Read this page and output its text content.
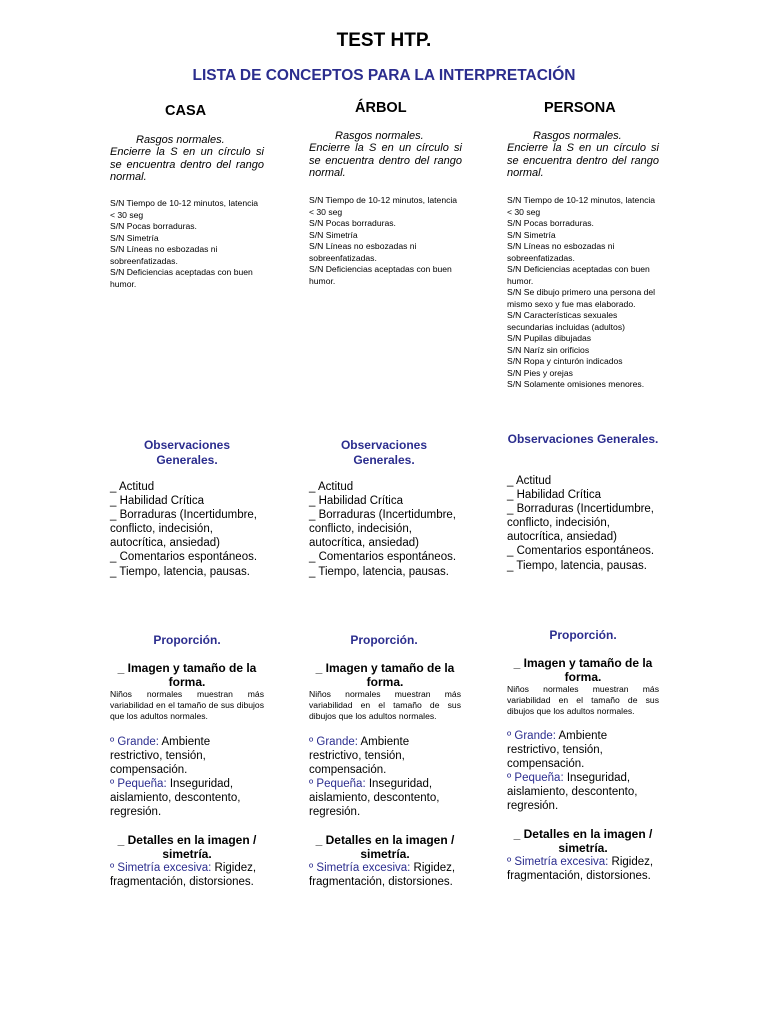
TEST HTP.
LISTA DE CONCEPTOS PARA LA INTERPRETACIÓN
CASA
Rasgos normales.
Encierre la S en un círculo si se encuentra dentro del rango normal.
S/N Tiempo de 10-12 minutos, latencia < 30 seg
S/N Pocas borraduras.
S/N Simetría
S/N Líneas no esbozadas ni sobreenfatizadas.
S/N Deficiencias aceptadas con buen humor.
Observaciones Generales.
_ Actitud
_ Habilidad Crítica
_ Borraduras (Incertidumbre, conflicto, indecisión, autocrítica, ansiedad)
_ Comentarios espontáneos.
_ Tiempo, latencia, pausas.
Proporción.
_ Imagen y tamaño de la forma.
Niños normales muestran más variabilidad en el tamaño de sus dibujos que los adultos normales.
º Grande: Ambiente restrictivo, tensión, compensación.
º Pequeña: Inseguridad, aislamiento, descontento, regresión.
_ Detalles en la imagen / simetría.
º Simetría excesiva: Rigidez, fragmentación, distorsiones.
ÁRBOL
Rasgos normales.
Encierre la S en un círculo si se encuentra dentro del rango normal.
S/N Tiempo de 10-12 minutos, latencia < 30 seg
S/N Pocas borraduras.
S/N Simetría
S/N Líneas no esbozadas ni sobreenfatizadas.
S/N Deficiencias aceptadas con buen humor.
Observaciones Generales.
_ Actitud
_ Habilidad Crítica
_ Borraduras (Incertidumbre, conflicto, indecisión, autocrítica, ansiedad)
_ Comentarios espontáneos.
_ Tiempo, latencia, pausas.
Proporción.
_ Imagen y tamaño de la forma.
Niños normales muestran más variabilidad en el tamaño de sus dibujos que los adultos normales.
º Grande: Ambiente restrictivo, tensión, compensación.
º Pequeña: Inseguridad, aislamiento, descontento, regresión.
_ Detalles en la imagen / simetría.
º Simetría excesiva: Rigidez, fragmentación, distorsiones.
PERSONA
Rasgos normales.
Encierre la S en un círculo si se encuentra dentro del rango normal.
S/N Tiempo de 10-12 minutos, latencia < 30 seg
S/N Pocas borraduras.
S/N Simetría
S/N Líneas no esbozadas ni sobreenfatizadas.
S/N Deficiencias aceptadas con buen humor.
S/N Se dibujo primero una persona del mismo sexo y fue mas elaborado.
S/N Características sexuales secundarias incluidas (adultos)
S/N Pupilas dibujadas
S/N Naríz sin orificios
S/N Ropa y cinturón indicados
S/N Pies y orejas
S/N Solamente omisiones menores.
Observaciones Generales.
_ Actitud
_ Habilidad Crítica
_ Borraduras (Incertidumbre, conflicto, indecisión, autocrítica, ansiedad)
_ Comentarios espontáneos.
_ Tiempo, latencia, pausas.
Proporción.
_ Imagen y tamaño de la forma.
Niños normales muestran más variabilidad en el tamaño de sus dibujos que los adultos normales.
º Grande: Ambiente restrictivo, tensión, compensación.
º Pequeña: Inseguridad, aislamiento, descontento, regresión.
_ Detalles en la imagen / simetría.
º Simetría excesiva: Rigidez, fragmentación, distorsiones.
